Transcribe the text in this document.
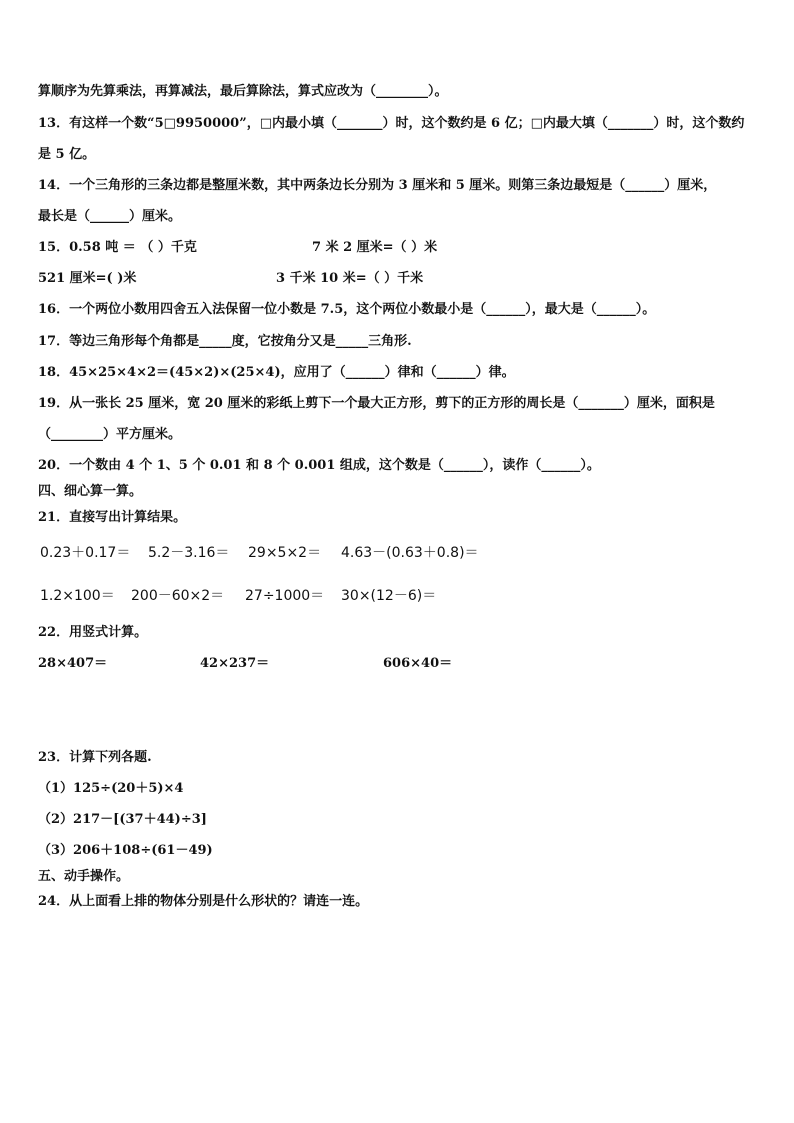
算顺序为先算乘法，再算减法，最后算除法，算式应改为（________）。
13．有这样一个数“5□9950000”，□内最小填（_______）时，这个数约是 6 亿；□内最大填（_______）时，这个数约
是 5 亿。
14．一个三角形的三条边都是整厘米数，其中两条边长分别为 3 厘米和 5 厘米。则第三条边最短是（______）厘米，
最长是（______）厘米。
15．0.58 吨 ＝ （ ）千克	7 米 2 厘米=（ ）米
521 厘米=( )米	3 千米 10 米=（ ）千米
16．一个两位小数用四舍五入法保留一位小数是 7.5，这个两位小数最小是（______），最大是（______）。
17．等边三角形每个角都是_____度，它按角分又是_____三角形.
18．45×25×4×2＝(45×2)×(25×4)，应用了（______）律和（______）律。
19．从一张长 25 厘米，宽 20 厘米的彩纸上剪下一个最大正方形，剪下的正方形的周长是（_______）厘米，面积是
（________）平方厘米。
20．一个数由 4 个 1、5 个 0.01 和 8 个 0.001 组成，这个数是（______），读作（______）。
四、细心算一算。
21．直接写出计算结果。
0.23＋0.17＝ 5.2－3.16＝ 29×5×2＝ 4.63－(0.63＋0.8)＝
1.2×100＝ 200－60×2＝ 27÷1000＝ 30×(12－6)＝
22．用竖式计算。
28×407＝	42×237＝	606×40＝
23．计算下列各题.
（1）125÷(20＋5)×4
（2）217－[(37＋44)÷3]
（3）206＋108÷(61－49)
五、动手操作。
24．从上面看上排的物体分别是什么形状的？请连一连。
